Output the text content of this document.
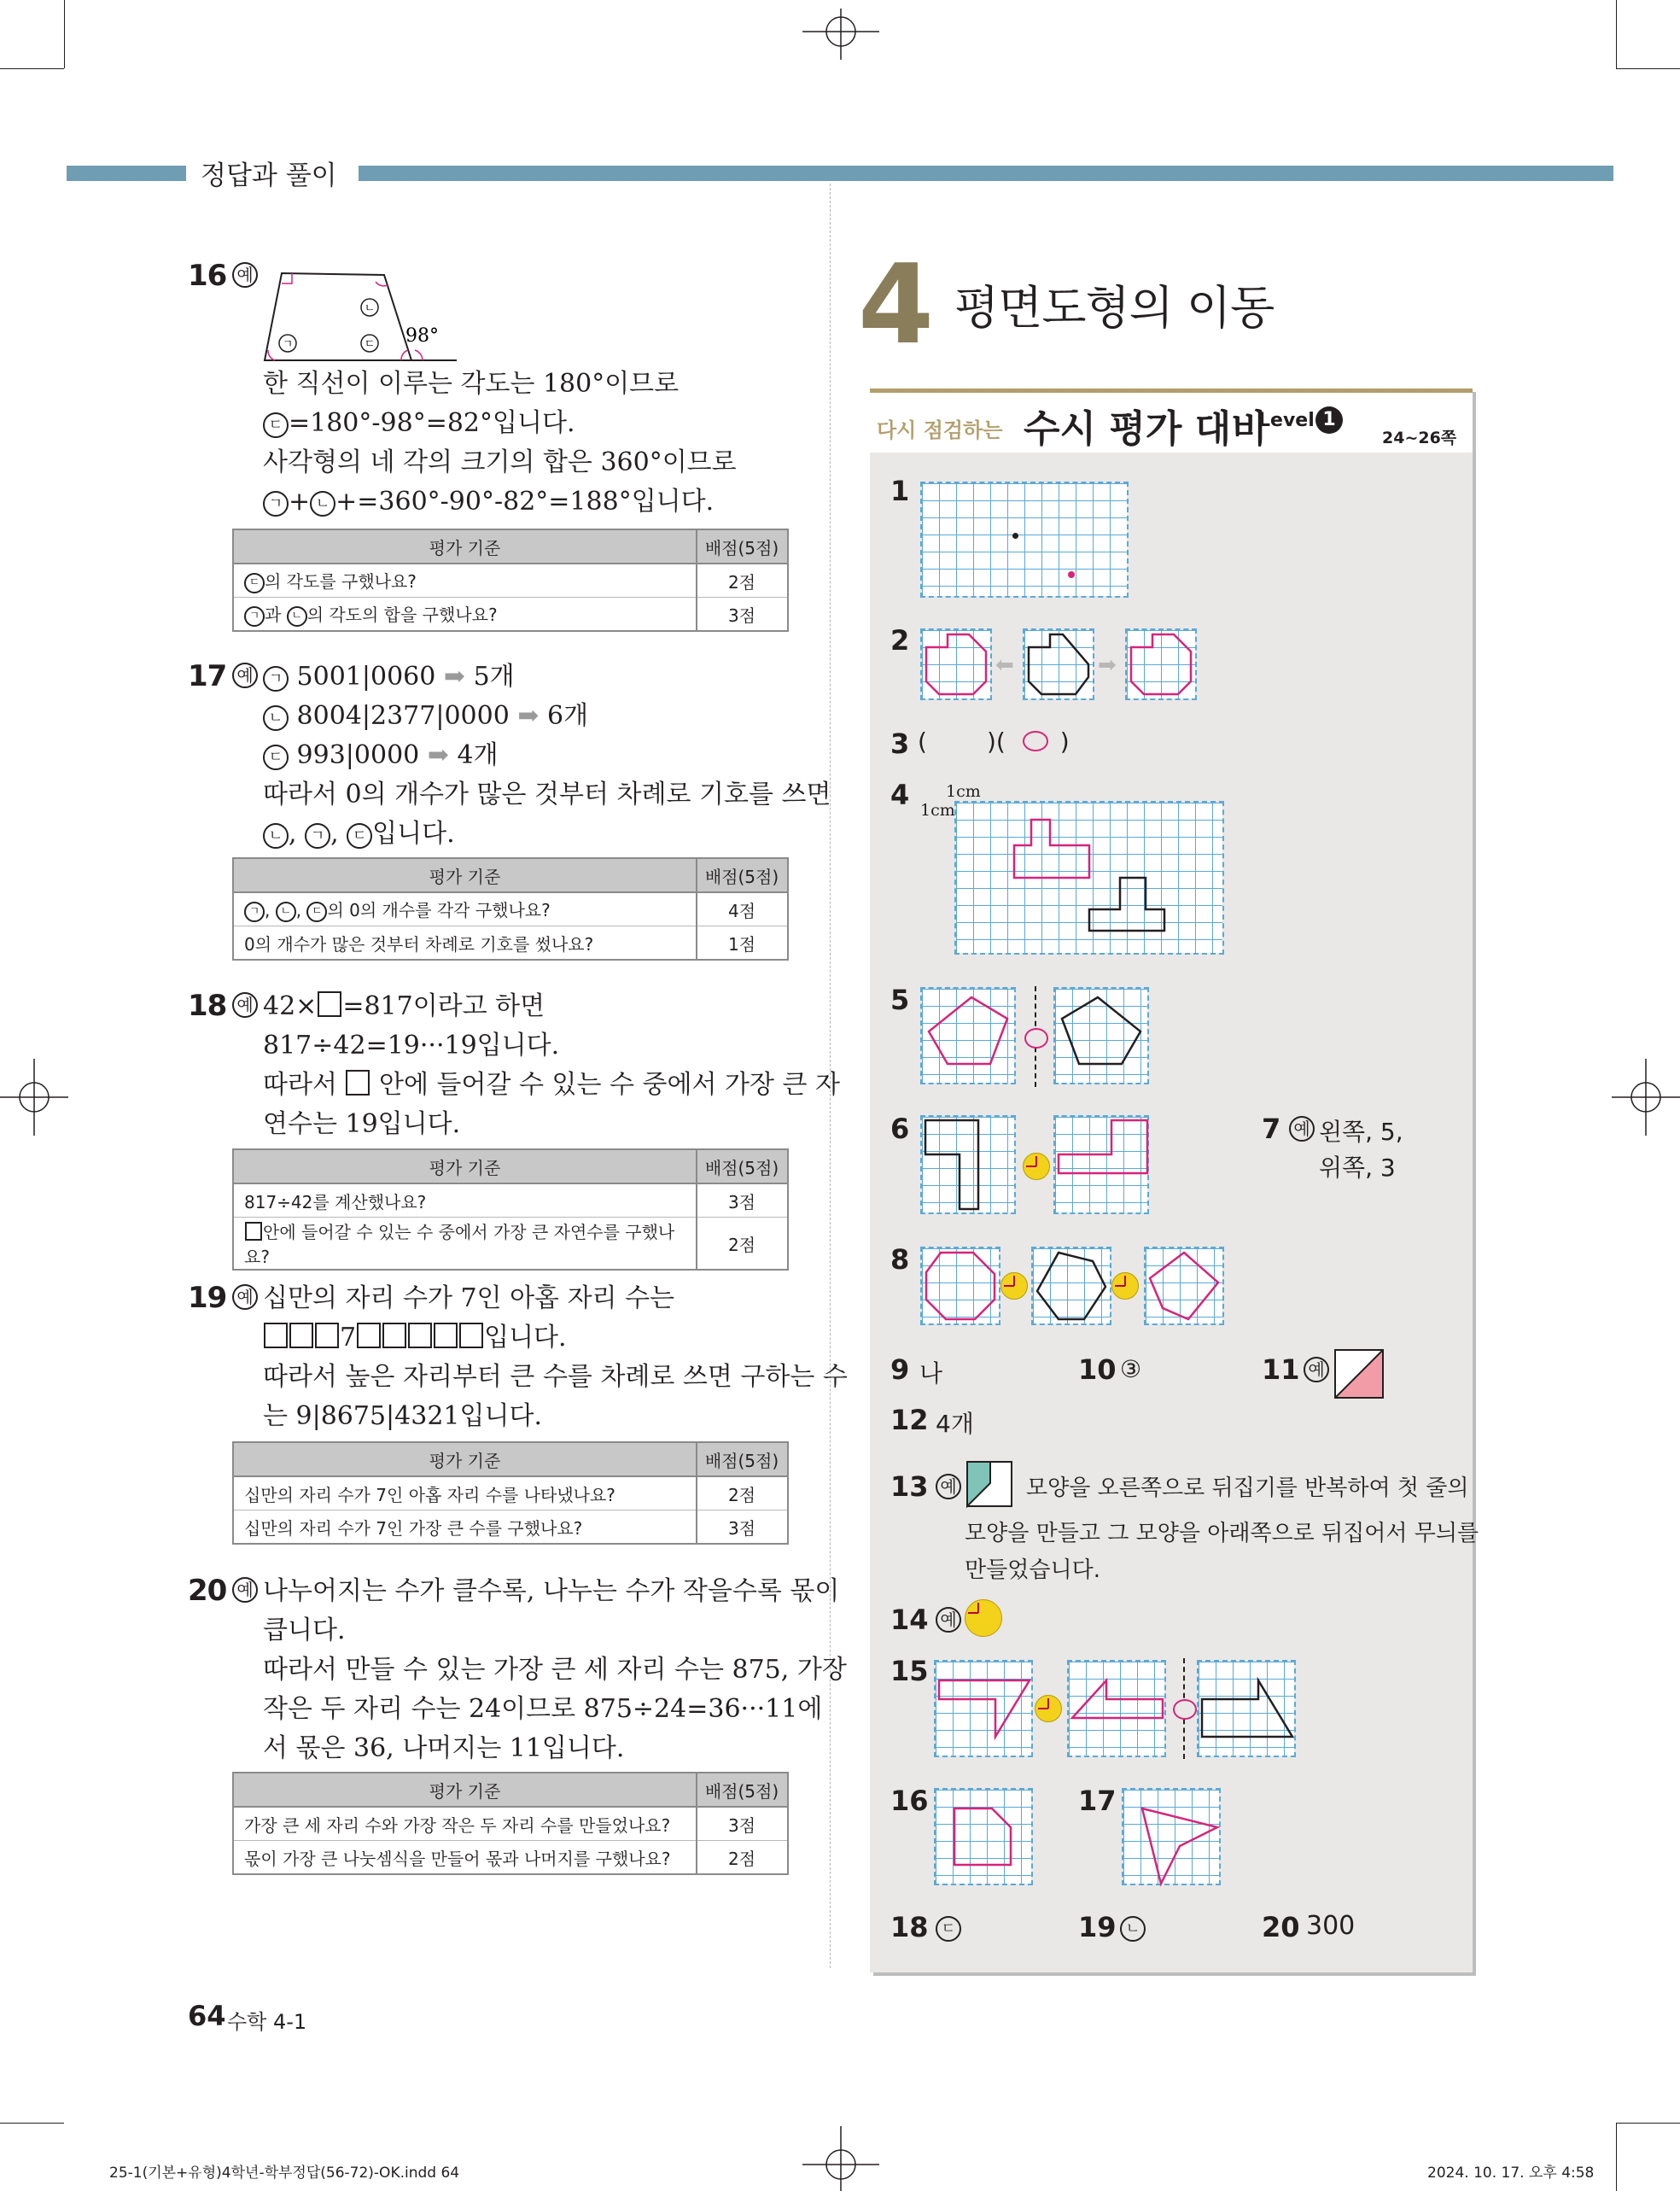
정답과 풀이
16 예
ㄱ
ㄴ
ㄷ 98°
한 직선이 이루는 각도는 180°이므로
ㄷ =180°-98°=82°입니다.
사각형의 네 각의 크기의 합은 360°이므로
ㄱ + ㄴ +=360°-90°-82°=188°입니다.
평가 기준	배점(5점)
ㄷ 의 각도를 구했나요?	2점
ㄱ 과 ㄴ 의 각도의 합을 구했나요?	3점
17 예	ㄱ 5001|0060 ➡ 5개
ㄴ 8004|2377|0000 ➡ 6개
ㄷ 993|0000 ➡ 4개
따라서 0의 개수가 많은 것부터 차례로 기호를 쓰면
ㄴ , ㄱ , ㄷ 입니다.
평가 기준	배점(5점)
ㄱ , ㄴ , ㄷ 의 0의 개수를 각각 구했나요?	4점
0의 개수가 많은 것부터 차례로 기호를 썼나요?	1점
18 예 42× =817이라고 하면
817÷42=19···19입니다.
따라서  안에 들어갈 수 있는 수 중에서 가장 큰 자
연수는 19입니다.
평가 기준	배점(5점)
817÷42를 계산했나요?	3점
안에 들어갈 수 있는 수 중에서 가장 큰 자연수를 구했나요?	2점
19 예 십만의 자리 수가 7인 아홉 자리 수는
7	입니다.
따라서 높은 자리부터 큰 수를 차례로 쓰면 구하는 수
는 9|8675|4321입니다.
평가 기준	배점(5점)
십만의 자리 수가 7인 아홉 자리 수를 나타냈나요?	2점
십만의 자리 수가 7인 가장 큰 수를 구했나요?	3점
20 예 나누어지는 수가 클수록, 나누는 수가 작을수록 몫이
큽니다.
따라서 만들 수 있는 가장 큰 세 자리 수는 875, 가장
작은 두 자리 수는 24이므로 875÷24=36···11에
서 몫은 36, 나머지는 11입니다.
평가 기준	배점(5점)
가장 큰 세 자리 수와 가장 작은 두 자리 수를 만들었나요?	3점
몫이 가장 큰 나눗셈식을 만들어 몫과 나머지를 구했나요?	2점
4 평면도형의 이동
다시 점검하는 수시 평가 대비
Level 1
24~26쪽
1
2
3
4
5
6	7
8
9	10	11
12
13
14
15
16	17
18	19	20
⬅	➡
(	)( ○ )
1cm
1cm
예 왼쪽, 5,
위쪽, 3
나	③	예
4개
예	모양을 오른쪽으로 뒤집기를 반복하여 첫 줄의
모양을 만들고 그 모양을 아래쪽으로 뒤집어서 무늬를
만들었습니다.
예
ㄷ	ㄴ	300
64 수학 4-1
25-1(기본+유형)4학년-학부정답(56-72)-OK.indd 64	2024. 10. 17. 오후 4:58
